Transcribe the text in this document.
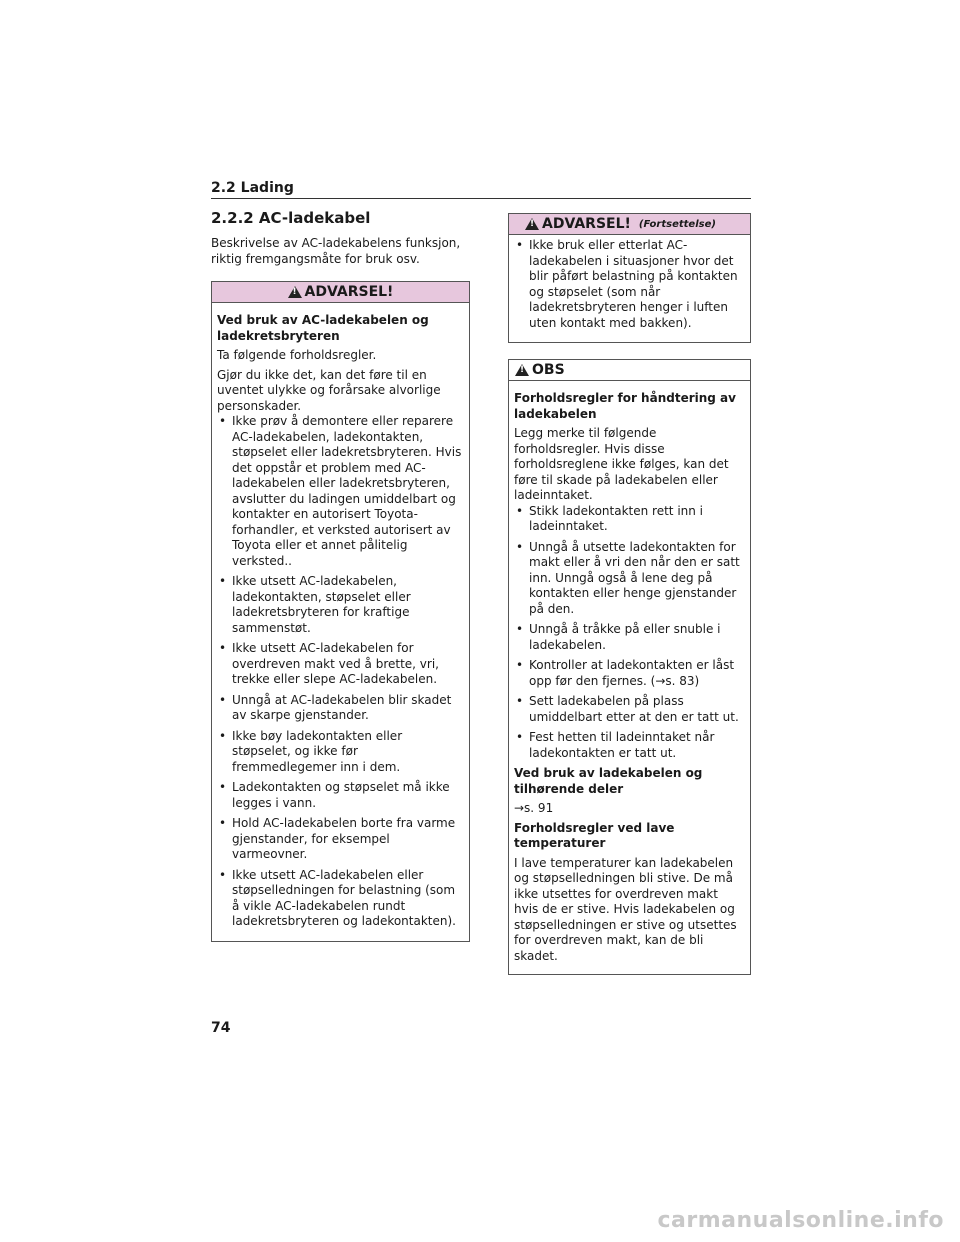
2.2 Lading
2.2.2 AC-ladekabel

Beskrivelse av AC-ladekabelens funksjon, riktig fremgangsmåte for bruk osv.

!
ADVARSEL!

Ved bruk av AC-ladekabelen og ladekretsbryteren

Ta følgende forholdsregler.

Gjør du ikke det, kan det føre til en uventet ulykke og forårsake alvorlige personskader.

• Ikke prøv å demontere eller reparere AC-ladekabelen, ladekontakten, støpselet eller ladekretsbryteren. Hvis det oppstår et problem med AC-ladekabelen eller ladekretsbryteren, avslutter du ladingen umiddelbart og kontakter en autorisert Toyota-forhandler, et verksted autorisert av Toyota eller et annet pålitelig verksted..
• Ikke utsett AC-ladekabelen, ladekontakten, støpselet eller ladekretsbryteren for kraftige sammenstøt.
• Ikke utsett AC-ladekabelen for overdreven makt ved å brette, vri, trekke eller slepe AC-ladekabelen.
• Unngå at AC-ladekabelen blir skadet av skarpe gjenstander.
• Ikke bøy ladekontakten eller støpselet, og ikke før fremmedlegemer inn i dem.
• Ladekontakten og støpselet må ikke legges i vann.
• Hold AC-ladekabelen borte fra varme gjenstander, for eksempel varmeovner.
• Ikke utsett AC-ladekabelen eller støpselledningen for belastning (som å vikle AC-ladekabelen rundt ladekretsbryteren og ladekontakten).
!
ADVARSEL! (Fortsettelse)
• Ikke bruk eller etterlat AC-ladekabelen i situasjoner hvor det blir påført belastning på kontakten og støpselet (som når ladekretsbryteren henger i luften uten kontakt med bakken).
!
OBS

Forholdsregler for håndtering av ladekabelen

Legg merke til følgende forholdsregler. Hvis disse forholdsreglene ikke følges, kan det føre til skade på ladekabelen eller ladeinntaket.

• Stikk ladekontakten rett inn i ladeinntaket.
• Unngå å utsette ladekontakten for makt eller å vri den når den er satt inn. Unngå også å lene deg på kontakten eller henge gjenstander på den.
• Unngå å tråkke på eller snuble i ladekabelen.
• Kontroller at ladekontakten er låst opp før den fjernes. (→s. 83)
• Sett ladekabelen på plass umiddelbart etter at den er tatt ut.
• Fest hetten til ladeinntaket når ladekontakten er tatt ut.

Ved bruk av ladekabelen og tilhørende deler

→s. 91

Forholdsregler ved lave temperaturer

I lave temperaturer kan ladekabelen og støpselledningen bli stive. De må ikke utsettes for overdreven makt hvis de er stive. Hvis ladekabelen og støpselledningen er stive og utsettes for overdreven makt, kan de bli skadet.

74
carmanualsonline.info
